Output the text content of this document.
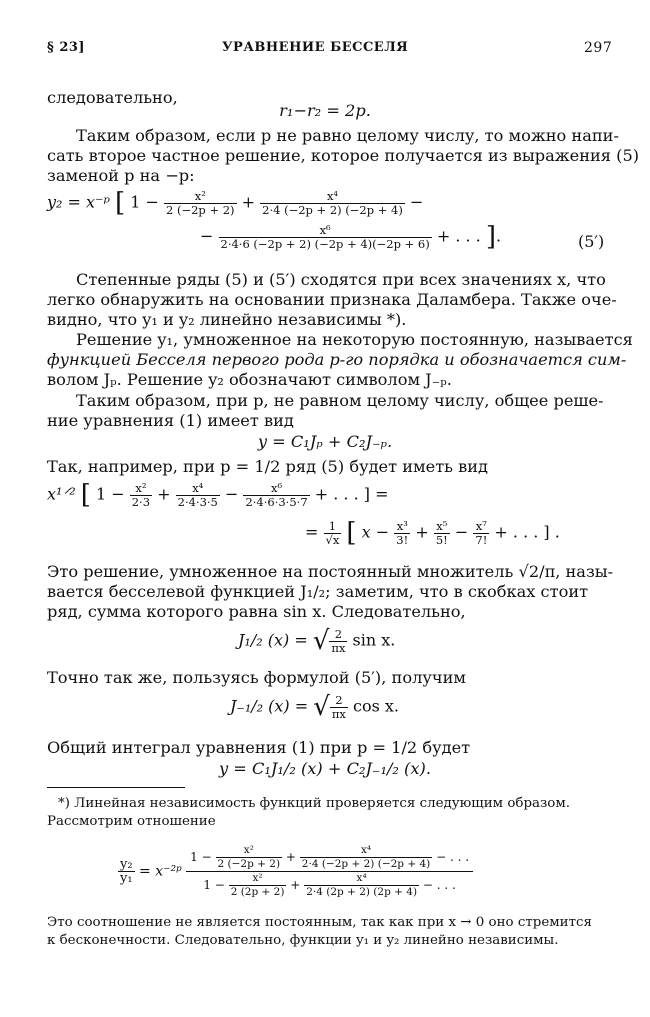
§ 23]	УРАВНЕНИЕ БЕССЕЛЯ	297
следовательно,
r₁−r₂ = 2p.
Таким образом, если p не равно целому числу, то можно напи-
сать второе частное решение, которое получается из выражения (5)
заменой p на −p:
y₂ = x⁻ᵖ [ $1 - \frac{\text{x²}}{2 (-2p + 2)} + \frac{\text{x⁴}}{2\cdot 4 (-2p + 2) (-2p + 4)}$ −
− $\frac{\text{x⁶}}{2\cdot 4\cdot 6 (-2p + 2) (-2p + 4)(-2p + 6)}$ + . . . ].	(5′)
Степенные ряды (5) и (5′) сходятся при всех значениях x, что
легко обнаружить на основании признака Даламбера. Также оче-
видно, что y₁ и y₂ линейно независимы *).
Решение y₁, умноженное на некоторую постоянную, называется
функцией Бесселя первого рода p-го порядка и обозначается сим-
волом Jₚ. Решение y₂ обозначают символом J₋ₚ.
Таким образом, при p, не равном целому числу, общее реше-
ние уравнения (1) имеет вид
y = C₁Jₚ + C₂J₋ₚ.
Так, например, при p = 1/2 ряд (5) будет иметь вид
x¹ᐟ² [ $1 - \frac{\text{x²}}{2\cdot 3} + \frac{\text{x⁴}}{2\cdot 4\cdot 3\cdot 5} - \frac{\text{x⁶}}{2\cdot 4\cdot 6\cdot 3\cdot 5\cdot 7}$ + . . . ] =
= $\frac{1}{√x}$ [ $x - \frac{\text{x³}}{3!} + \frac{\text{x⁵}}{5!} - \frac{\text{x⁷}}{7!}$ + . . . ] .
Это решение, умноженное на постоянный множитель √2/π, назы-
вается бесселевой функцией J₁/₂; заметим, что в скобках стоит
ряд, сумма которого равна sin x. Следовательно,
J₁/₂ (x) = √ $\frac{2}{\pi x}$ sin x.
Точно так же, пользуясь формулой (5′), получим
J₋₁/₂ (x) = √ $\frac{2}{\pi x}$ cos x.
Общий интеграл уравнения (1) при p = 1/2 будет
y = C₁J₁/₂ (x) + C₂J₋₁/₂ (x).
*) Линейная независимость функций проверяется следующим образом.
Рассмотрим отношение
$\frac{\text{y₂}}{\text{y₁}}$ = x⁻²ᵖ
$1 - \frac{\text{x²}}{2 (-2p + 2)} + \frac{\text{x⁴}}{2\cdot 4 (-2p + 2) (-2p + 4)}$ − . . .
$1 - \frac{\text{x²}}{2 (2p + 2)} + \frac{\text{x⁴}}{2\cdot 4 (2p + 2) (2p + 4)}$ − . . .
Это соотношение не является постоянным, так как при x → 0 оно стремится
к бесконечности. Следовательно, функции y₁ и y₂ линейно независимы.
